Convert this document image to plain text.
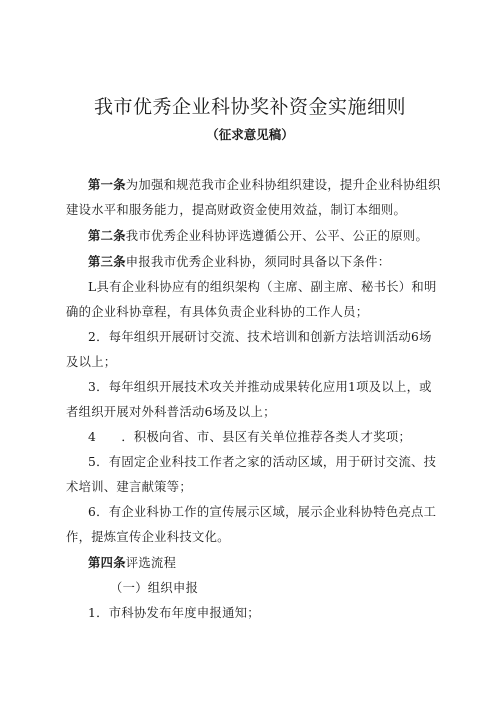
我市优秀企业科协奖补资金实施细则
（征求意见稿）

第一条为加强和规范我市企业科协组织建设，提升企业科协组织

建设水平和服务能力，提高财政资金使用效益，制订本细则。

第二条我市优秀企业科协评选遵循公开、公平、公正的原则。

第三条申报我市优秀企业科协，须同时具备以下条件：

L具有企业科协应有的组织架构（主席、副主席、秘书长）和明

确的企业科协章程，有具体负责企业科协的工作人员；

2．每年组织开展研讨交流、技术培训和创新方法培训活动6场

及以上；

3．每年组织开展技术攻关并推动成果转化应用1项及以上，或

者组织开展对外科普活动6场及以上；

4　　．积极向省、市、县区有关单位推荐各类人才奖项；

5．有固定企业科技工作者之家的活动区域，用于研讨交流、技

术培训、建言献策等；

6．有企业科协工作的宣传展示区域，展示企业科协特色亮点工

作，提炼宣传企业科技文化。

第四条评选流程

（一）组织申报

1．市科协发布年度申报通知；
